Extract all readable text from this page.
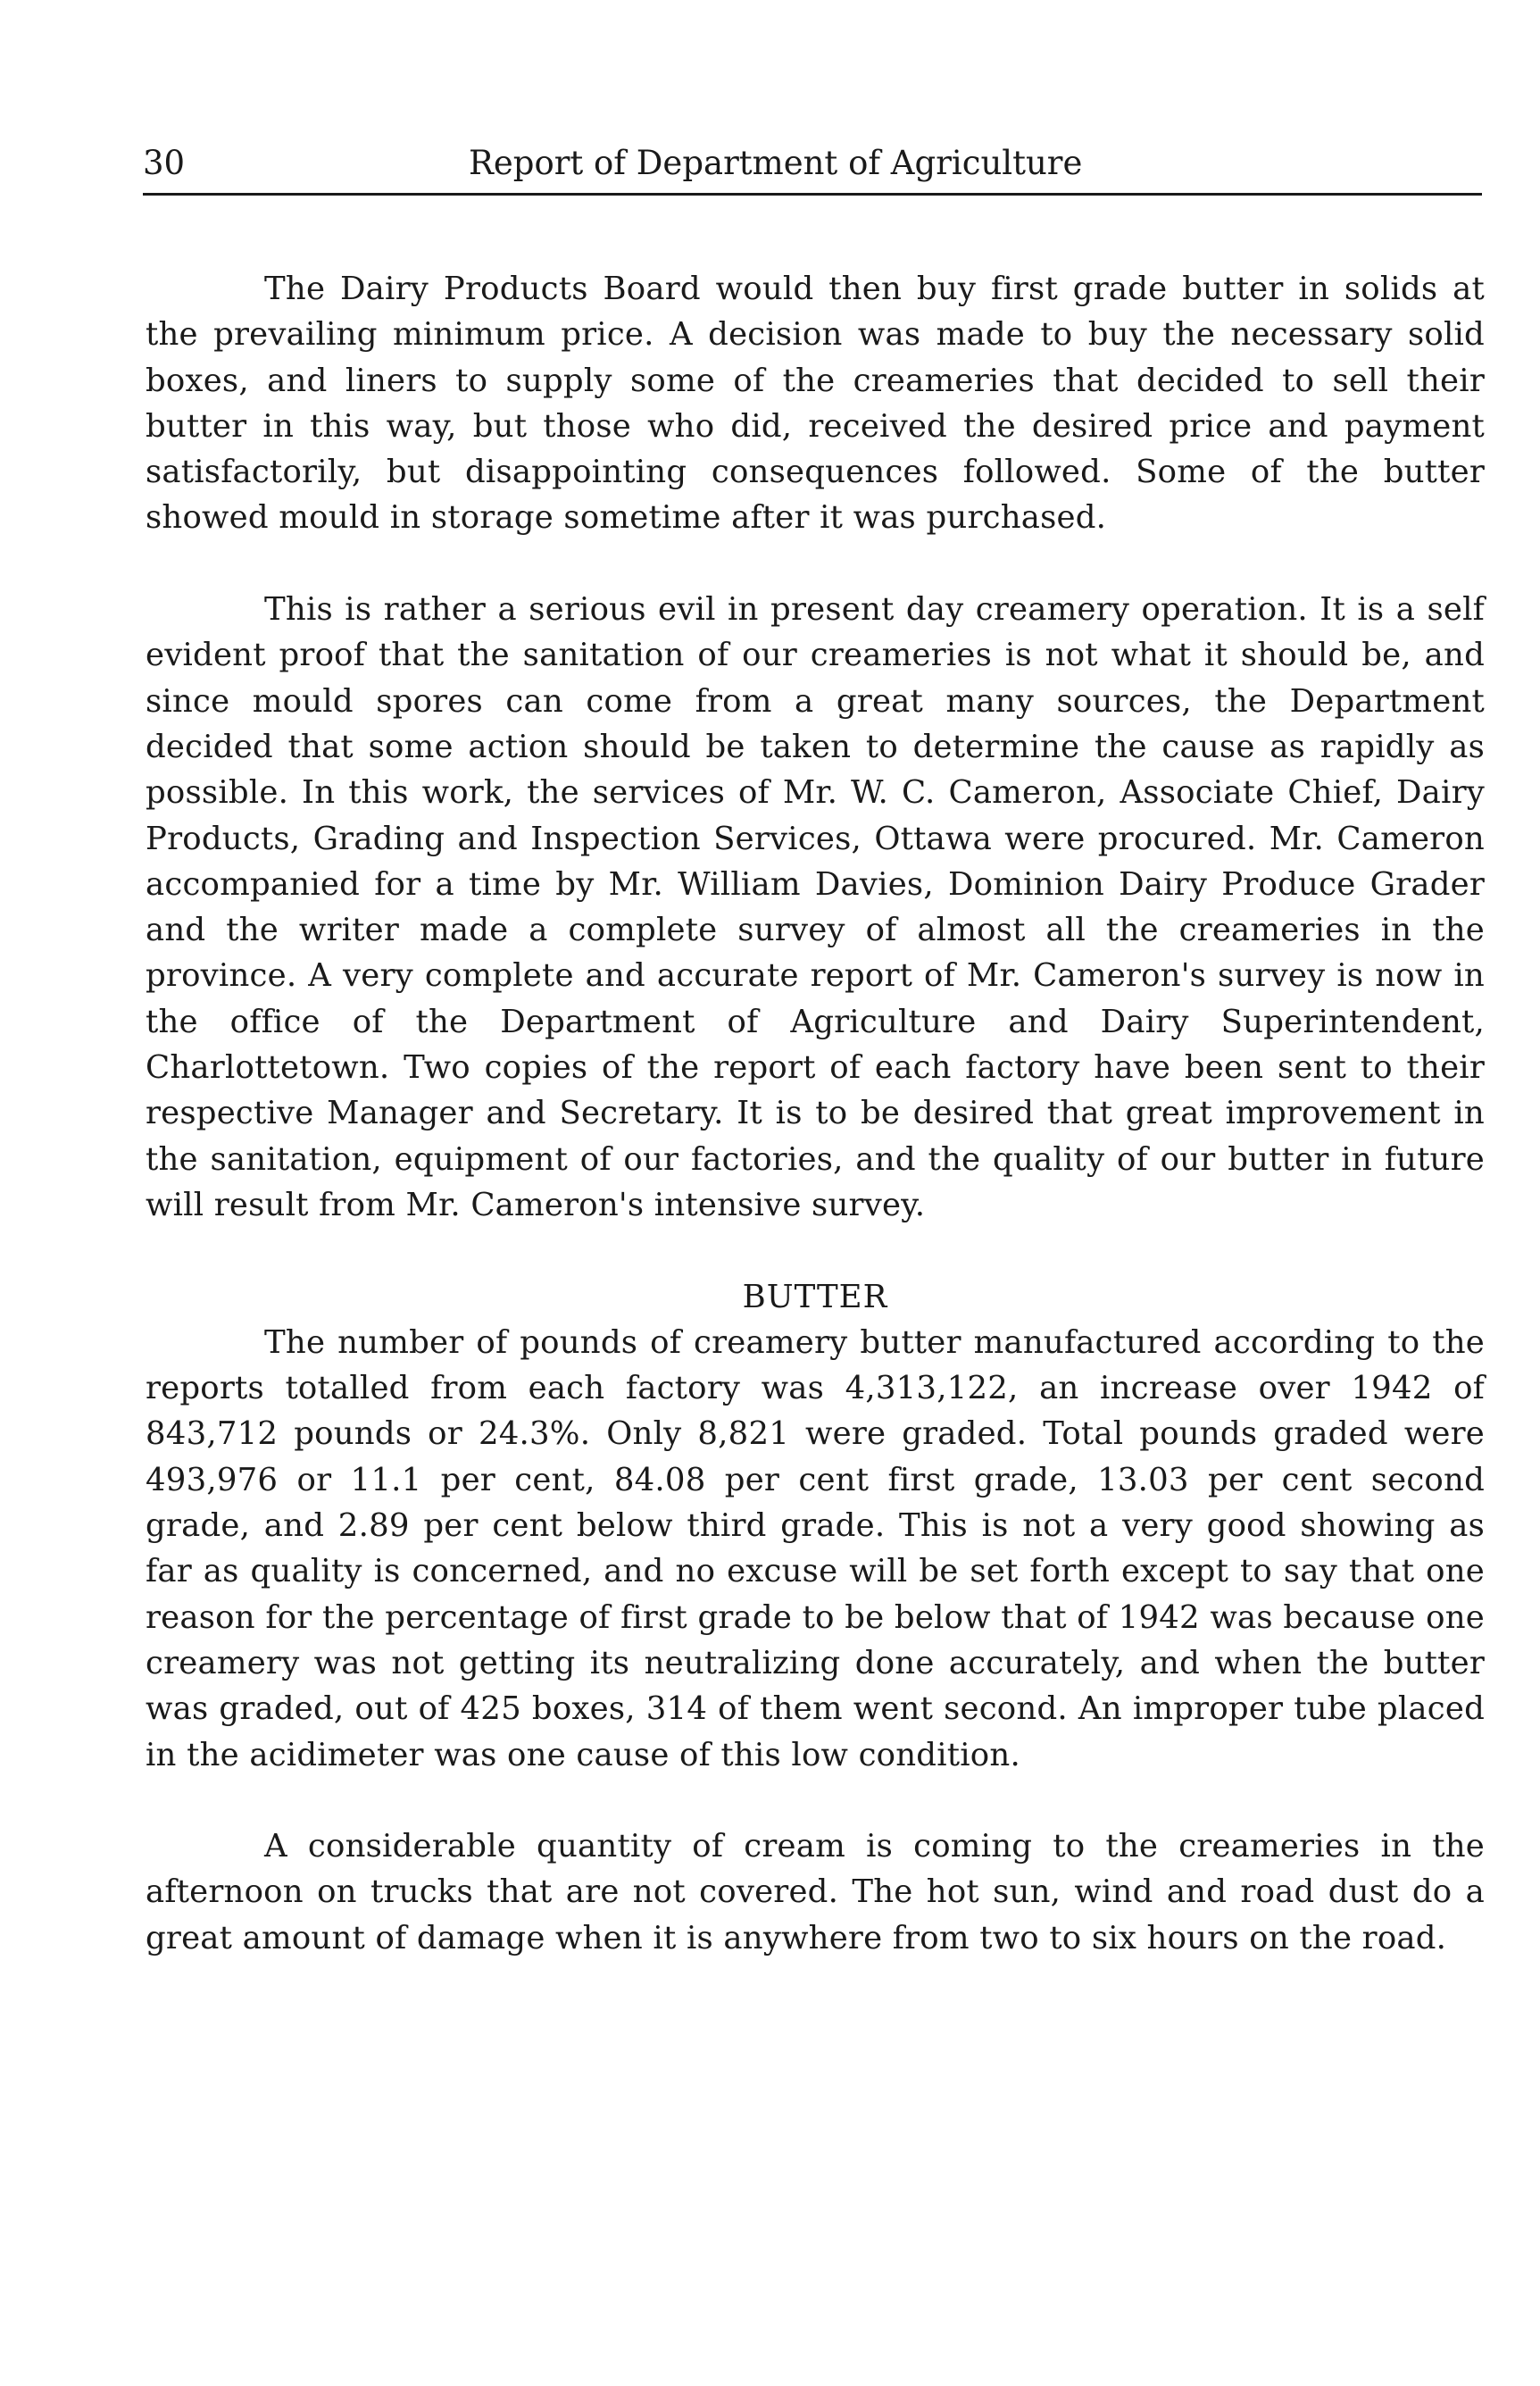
30	Report of Department of Agriculture

The Dairy Products Board would then buy first grade butter in solids at the prevailing minimum price. A decision was made to buy the necessary solid boxes, and liners to supply some of the creameries that decided to sell their butter in this way, but those who did, received the desired price and payment satisfactorily, but disappointing consequences followed. Some of the butter showed mould in storage sometime after it was purchased.

This is rather a serious evil in present day creamery operation. It is a self evident proof that the sanitation of our creameries is not what it should be, and since mould spores can come from a great many sources, the Department decided that some action should be taken to determine the cause as rapidly as possible. In this work, the services of Mr. W. C. Cameron, Associate Chief, Dairy Products, Grading and Inspection Services, Ottawa were procured. Mr. Cameron accompanied for a time by Mr. William Davies, Dominion Dairy Produce Grader and the writer made a complete survey of almost all the creameries in the province. A very complete and accurate report of Mr. Cameron's survey is now in the office of the Department of Agriculture and Dairy Superintendent, Charlottetown. Two copies of the report of each factory have been sent to their respective Manager and Secretary. It is to be desired that great improvement in the sanitation, equipment of our factories, and the quality of our butter in future will result from Mr. Cameron's intensive survey.

BUTTER

The number of pounds of creamery butter manufactured according to the reports totalled from each factory was 4,313,122, an increase over 1942 of 843,712 pounds or 24.3%. Only 8,821 were graded. Total pounds graded were 493,976 or 11.1 per cent, 84.08 per cent first grade, 13.03 per cent second grade, and 2.89 per cent below third grade. This is not a very good showing as far as quality is concerned, and no excuse will be set forth except to say that one reason for the percentage of first grade to be below that of 1942 was because one creamery was not getting its neutralizing done accurately, and when the butter was graded, out of 425 boxes, 314 of them went second. An improper tube placed in the acidimeter was one cause of this low condition.

A considerable quantity of cream is coming to the creameries in the afternoon on trucks that are not covered. The hot sun, wind and road dust do a great amount of damage when it is anywhere from two to six hours on the road.
